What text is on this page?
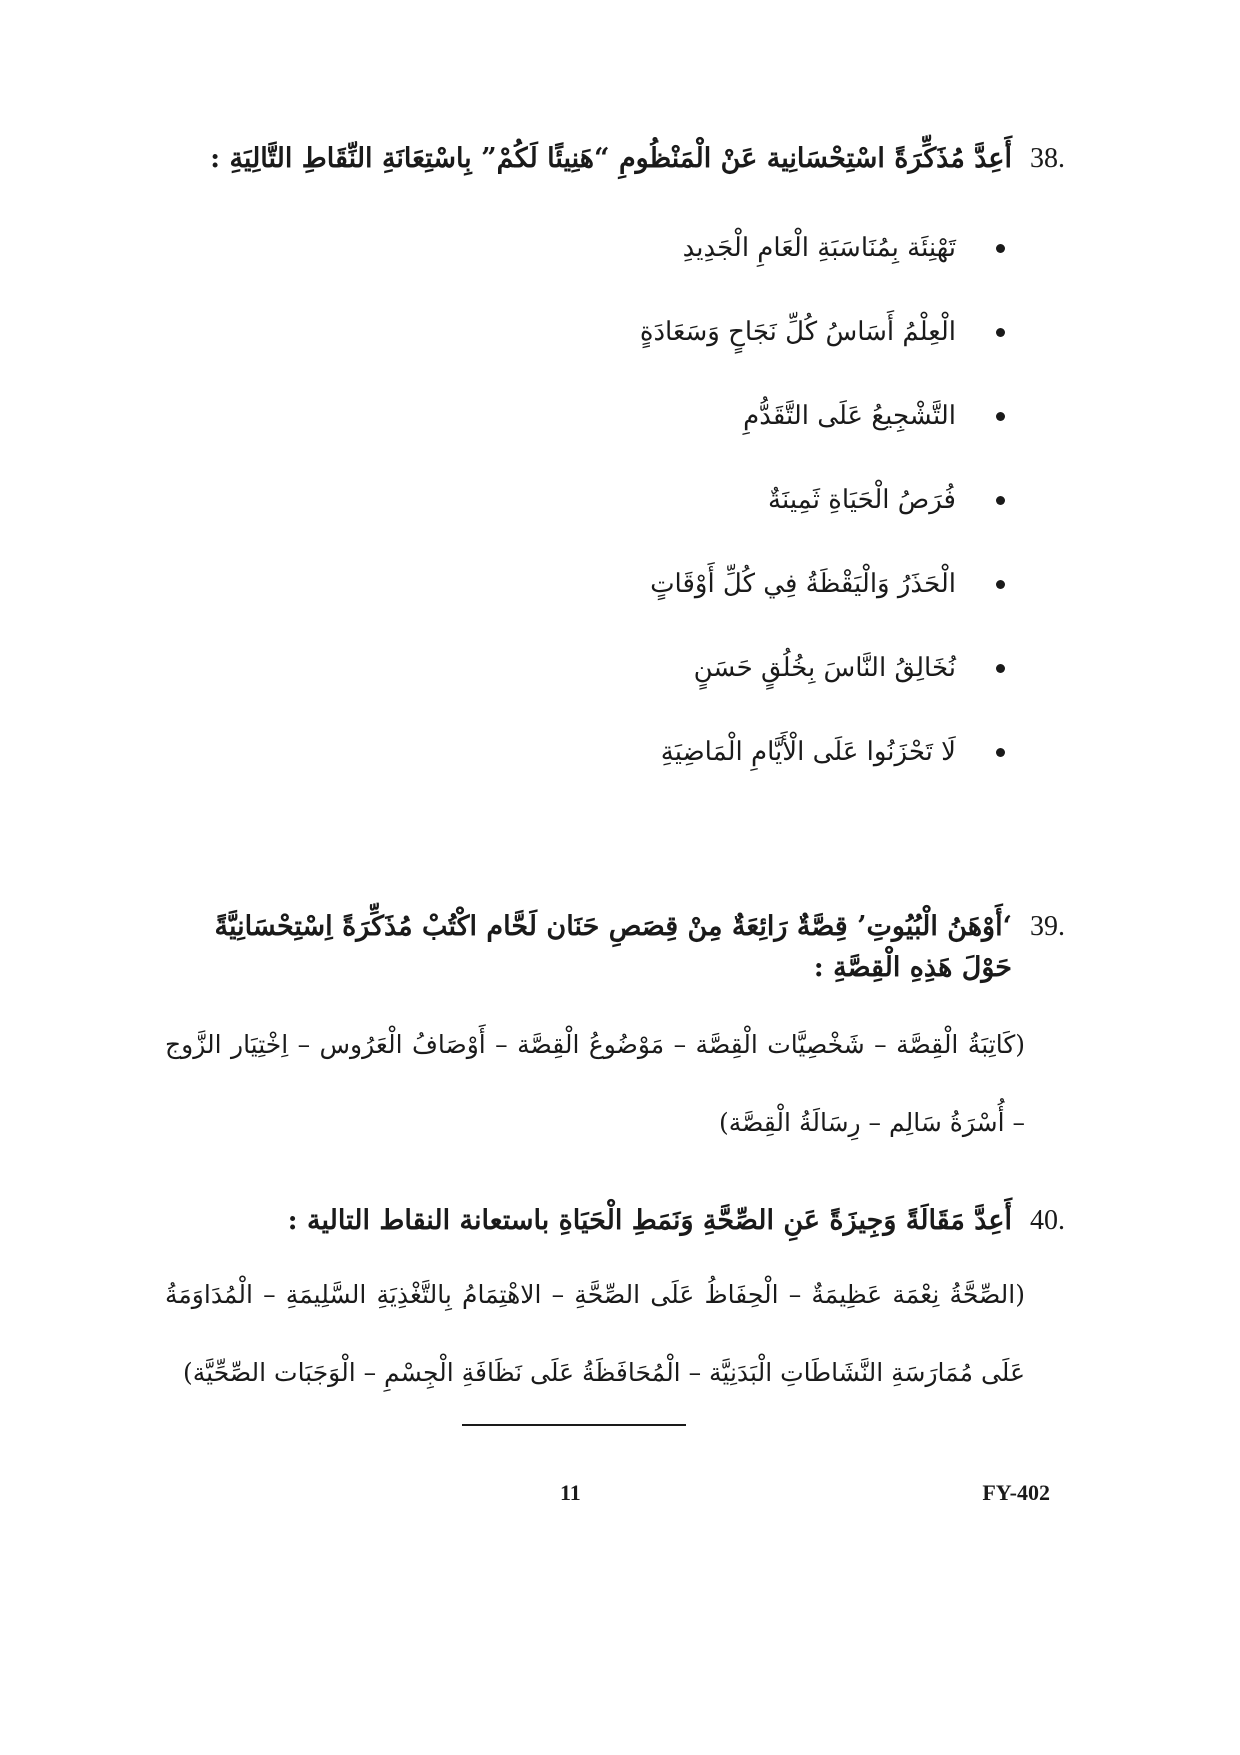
38.
أَعِدَّ مُذَكِّرَةً اسْتِحْسَانِية عَنْ الْمَنْظُومِ “هَنِيئًا لَكُمْ” بِاسْتِعَانَةِ النِّقَاطِ التَّالِيَةِ :
تَهْنِئَة بِمُنَاسَبَةِ الْعَامِ الْجَدِيدِ
الْعِلْمُ أَسَاسُ كُلِّ نَجَاحٍ وَسَعَادَةٍ
التَّشْجِيعُ عَلَى التَّقَدُّمِ
فُرَصُ الْحَيَاةِ ثَمِينَةٌ
الْحَذَرُ وَالْيَقْظَةُ فِي كُلِّ أَوْقَاتٍ
نُخَالِقُ النَّاسَ بِخُلُقٍ حَسَنٍ
لَا تَحْزَنُوا عَلَى الْأَيَّامِ الْمَاضِيَةِ
39.
‘أَوْهَنُ الْبُيُوتِ’ قِصَّةٌ رَائِعَةٌ مِنْ قِصَصِ حَنَان لَحَّام اكْتُبْ مُذَكِّرَةً اِسْتِحْسَانِيَّةً حَوْلَ هَذِهِ الْقِصَّةِ :
(كَاتِبَةُ الْقِصَّة – شَخْصِيَّات الْقِصَّة – مَوْضُوعُ الْقِصَّة – أَوْصَافُ الْعَرُوس – اِخْتِيَار الزَّوج – أُسْرَةُ سَالِم – رِسَالَةُ الْقِصَّة)
40.
أَعِدَّ مَقَالَةً وَجِيزَةً عَنِ الصِّحَّةِ وَنَمَطِ الْحَيَاةِ باستعانة النقاط التالية :
(الصِّحَّةُ نِعْمَة عَظِيمَةٌ – الْحِفَاظُ عَلَى الصِّحَّةِ – الاهْتِمَامُ بِالتَّغْذِيَةِ السَّلِيمَةِ – الْمُدَاوَمَةُ عَلَى مُمَارَسَةِ النَّشَاطَاتِ الْبَدَنِيَّة – الْمُحَافَظَةُ عَلَى نَظَافَةِ الْجِسْمِ – الْوَجَبَات الصِّحِّيَّة)
11	FY-402
